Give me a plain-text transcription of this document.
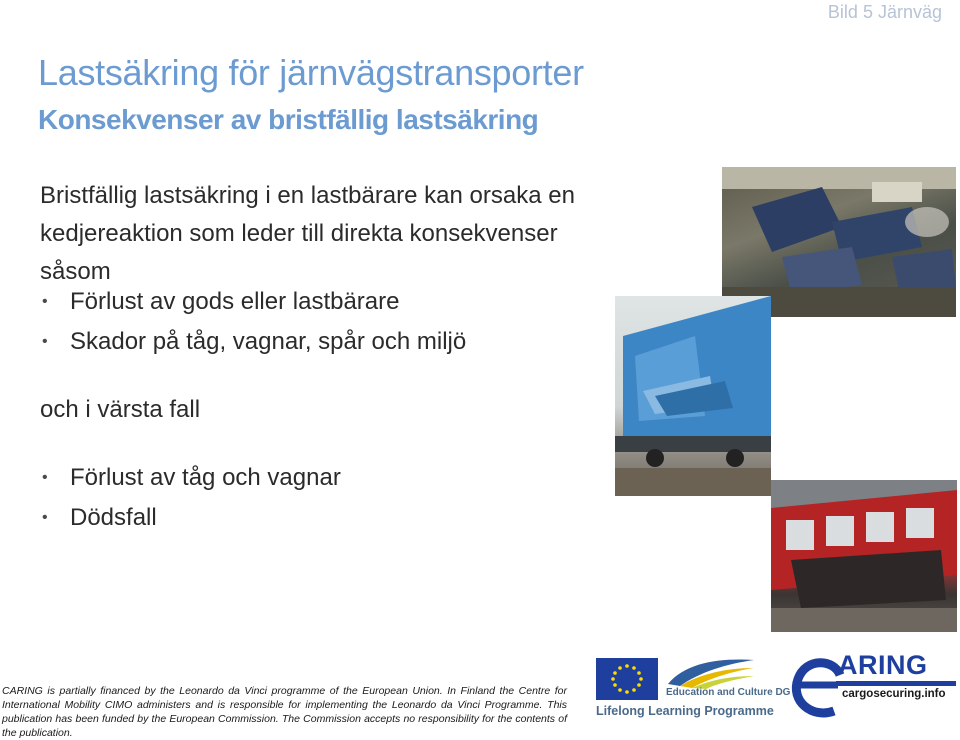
Bild 5 Järnväg
Lastsäkring för järnvägstransporter
Konsekvenser av bristfällig lastsäkring
Bristfällig lastsäkring i en lastbärare kan orsaka en kedjereaktion som leder till direkta konsekvenser såsom
• Förlust av gods eller lastbärare
• Skador på tåg, vagnar, spår och miljö
och i värsta fall
• Förlust av tåg och vagnar
• Dödsfall
CARING is partially financed by the Leonardo da Vinci programme of the European Union. In Finland the Centre for International Mobility CIMO administers and is responsible for implementing the Leonardo da Vinci Programme. This publication has been funded by the European Commission. The Commission accepts no responsibility for the contents of the publication.
Education and Culture DG
Lifelong Learning Programme
ARING
cargosecuring.info
